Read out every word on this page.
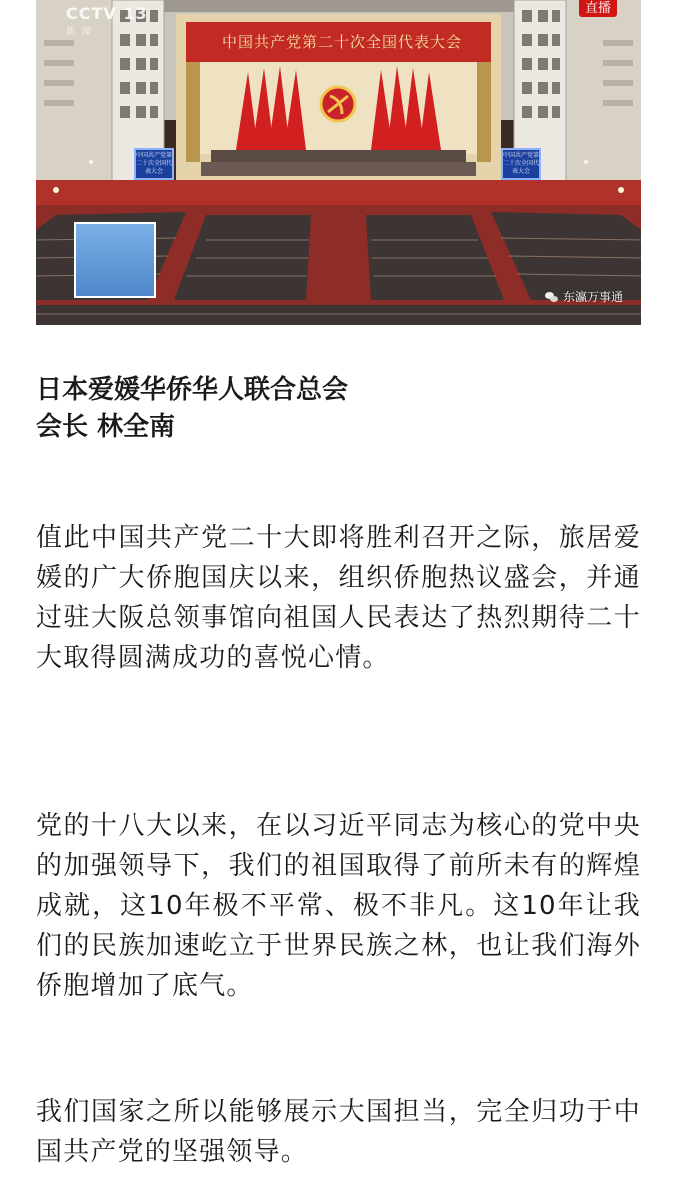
CCTV 13
新 闻
直播
中国共产党第二十次全国代表大会
中国共产党第二十次全国代表大会
中国共产党第二十次全国代表大会
东瀛万事通
日本爱媛华侨华人联合总会
会长 林全南

值此中国共产党二十大即将胜利召开之际，旅居爱媛的广大侨胞国庆以来，组织侨胞热议盛会，并通过驻大阪总领事馆向祖国人民表达了热烈期待二十大取得圆满成功的喜悦心情。

党的十八大以来，在以习近平同志为核心的党中央的加强领导下，我们的祖国取得了前所未有的辉煌成就，这10年极不平常、极不非凡。这10年让我们的民族加速屹立于世界民族之林，也让我们海外侨胞增加了底气。

我们国家之所以能够展示大国担当，完全归功于中国共产党的坚强领导。
